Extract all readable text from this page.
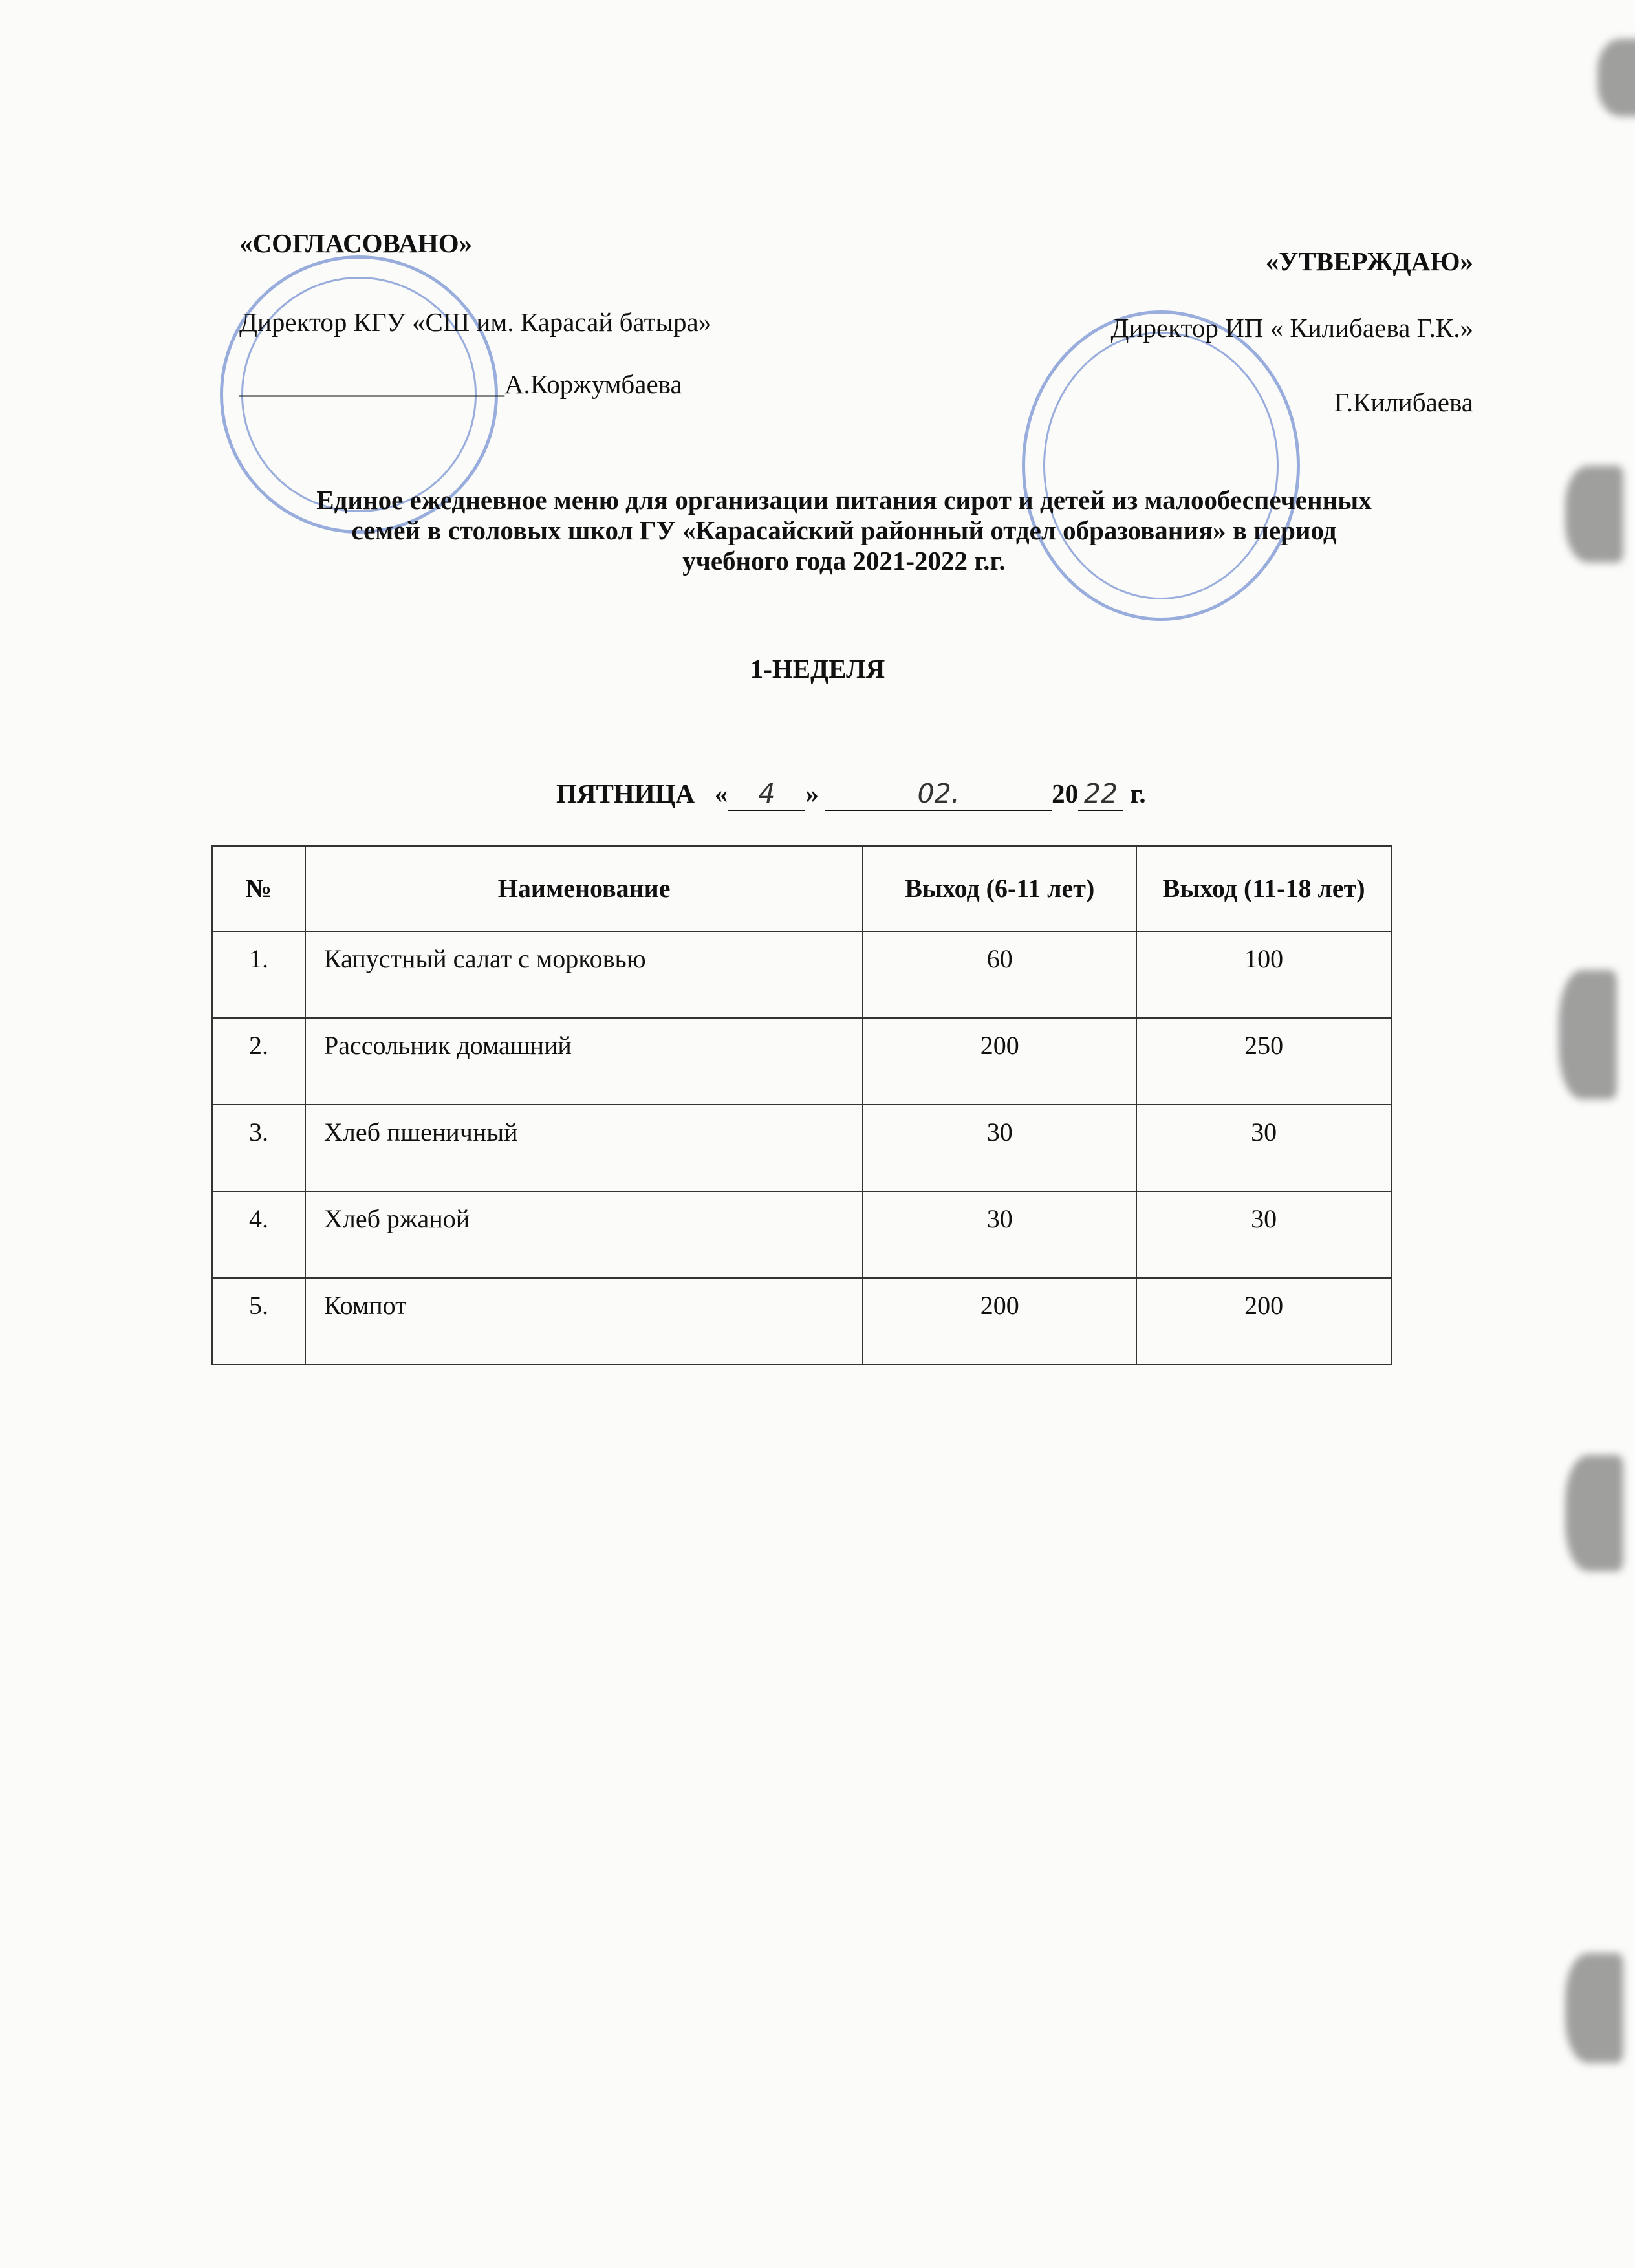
«СОГЛАСОВАНО»
Директор КГУ «СШ им. Карасай батыра»
____________________А.Коржумбаева
«УТВЕРЖДАЮ»
Директор ИП « Килибаева Г.К.»
Г.Килибаева
Единое ежедневное меню для организации питания сирот и детей из малообеспеченных
семей в столовых школ ГУ «Карасайский районный отдел образования» в период
учебного года 2021-2022 г.г.
1-НЕДЕЛЯ
ПЯТНИЦА « 4 »	02.	20 22 г.
№	Наименование	Выход (6-11 лет)	Выход (11-18 лет)
1.	Капустный салат с морковью	60	100
2.	Рассольник домашний	200	250
3.	Хлеб пшеничный	30	30
4.	Хлеб ржаной	30	30
5.	Компот	200	200
